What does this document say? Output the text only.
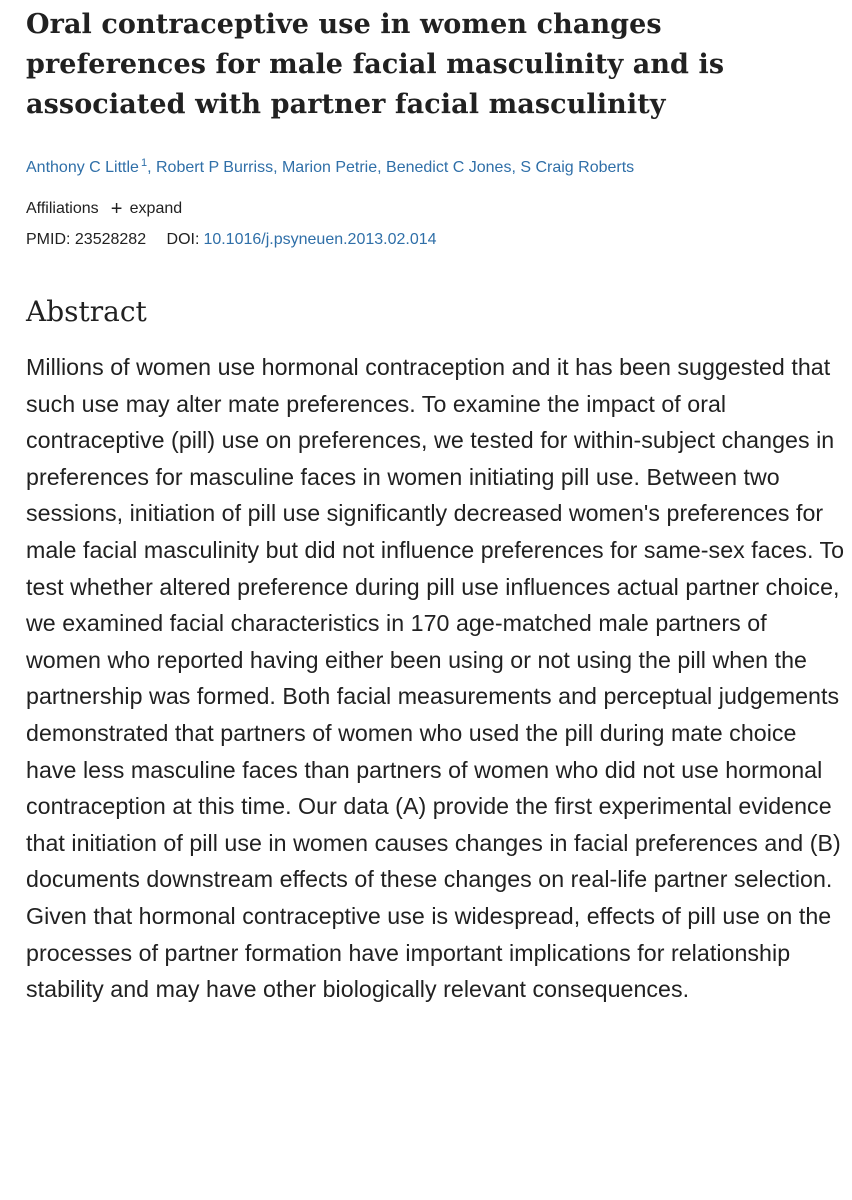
Oral contraceptive use in women changes preferences for male facial masculinity and is associated with partner facial masculinity
Anthony C Little $^1$, Robert P Burriss, Marion Petrie, Benedict C Jones, S Craig Roberts
Affiliations + expand
PMID: 23528282 DOI: 10.1016/j.psyneuen.2013.02.014
Abstract
Millions of women use hormonal contraception and it has been suggested that such use may alter mate preferences. To examine the impact of oral contraceptive (pill) use on preferences, we tested for within-subject changes in preferences for masculine faces in women initiating pill use. Between two sessions, initiation of pill use significantly decreased women's preferences for male facial masculinity but did not influence preferences for same-sex faces. To test whether altered preference during pill use influences actual partner choice, we examined facial characteristics in 170 age-matched male partners of women who reported having either been using or not using the pill when the partnership was formed. Both facial measurements and perceptual judgements demonstrated that partners of women who used the pill during mate choice have less masculine faces than partners of women who did not use hormonal contraception at this time. Our data (A) provide the first experimental evidence that initiation of pill use in women causes changes in facial preferences and (B) documents downstream effects of these changes on real-life partner selection. Given that hormonal contraceptive use is widespread, effects of pill use on the processes of partner formation have important implications for relationship stability and may have other biologically relevant consequences.
